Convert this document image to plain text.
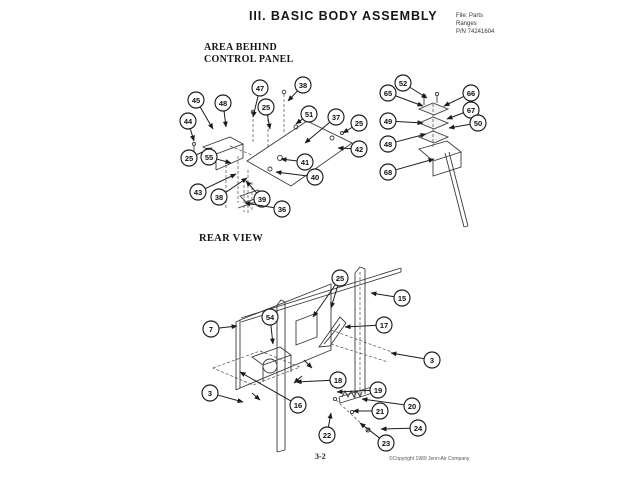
III. BASIC BODY ASSEMBLY	File: Parts
Ranges
P/N 74241604
AREA BEHIND
CONTROL PANEL
REAR VIEW
45 48
44
25 55
43
38	39
36
47
25
38
51 37
25
42
41
40
52
65	66
67
49	50
48
68
25
15
7
54
17
3
18
19
3
16	20
21
22
24
23
3-2	©Copyright 1989 Jenn-Air Company
